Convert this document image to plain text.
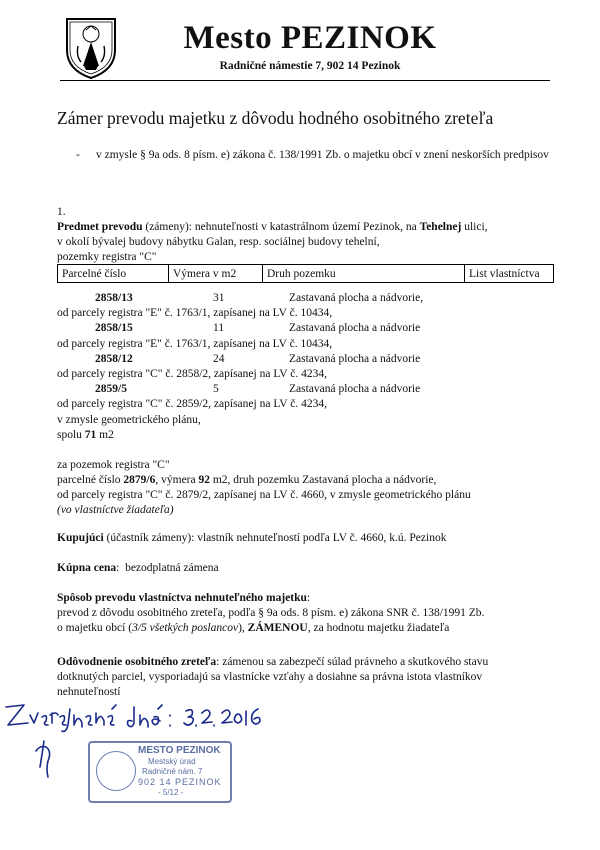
Mesto PEZINOK
Radničné námestie 7, 902 14 Pezinok
Zámer prevodu majetku z dôvodu hodného osobitného zreteľa
- v zmysle § 9a ods. 8 písm. e) zákona č. 138/1991 Zb. o majetku obcí v znení neskorších predpisov
1.
Predmet prevodu (zámeny): nehnuteľnosti v katastrálnom území Pezinok, na Tehelnej ulici,
v okolí bývalej budovy nábytku Galan, resp. sociálnej budovy tehelní,
pozemky registra "C"
Parcelné číslo	Výmera v m2	Druh pozemku	List vlastníctva
2858/13	31	Zastavaná plocha a nádvorie,
od parcely registra "E" č. 1763/1, zapísanej na LV č. 10434,
2858/15	11	Zastavaná plocha a nádvorie
od parcely registra "E" č. 1763/1, zapísanej na LV č. 10434,
2858/12	24	Zastavaná plocha a nádvorie
od parcely registra "C" č. 2858/2, zapísanej na LV č. 4234,
2859/5	5	Zastavaná plocha a nádvorie
od parcely registra "C" č. 2859/2, zapísanej na LV č. 4234,
v zmysle geometrického plánu,
spolu 71 m2
za pozemok registra "C"
parcelné číslo 2879/6, výmera 92 m2, druh pozemku Zastavaná plocha a nádvorie,
od parcely registra "C" č. 2879/2, zapísanej na LV č. 4660, v zmysle geometrického plánu
(vo vlastníctve žiadateľa)
Kupujúci (účastník zámeny): vlastník nehnuteľností podľa LV č. 4660, k.ú. Pezinok
Kúpna cena:  bezodplatná zámena
Spôsob prevodu vlastníctva nehnuteľného majetku:
prevod z dôvodu osobitného zreteľa, podľa § 9a ods. 8 písm. e) zákona SNR č. 138/1991 Zb.
o majetku obcí (3/5 všetkých poslancov), ZÁMENOU, za hodnotu majetku žiadateľa
Odôvodnenie osobitného zreteľa: zámenou sa zabezpečí súlad právneho a skutkového stavu
dotknutých parciel, vysporiadajú sa vlastnícke vzťahy a dosiahne sa právna istota vlastníkov
nehnuteľností
MESTO PEZINOK
Mestský úrad
Radničné nám. 7
902 14 PEZINOK
- 5/12 -
